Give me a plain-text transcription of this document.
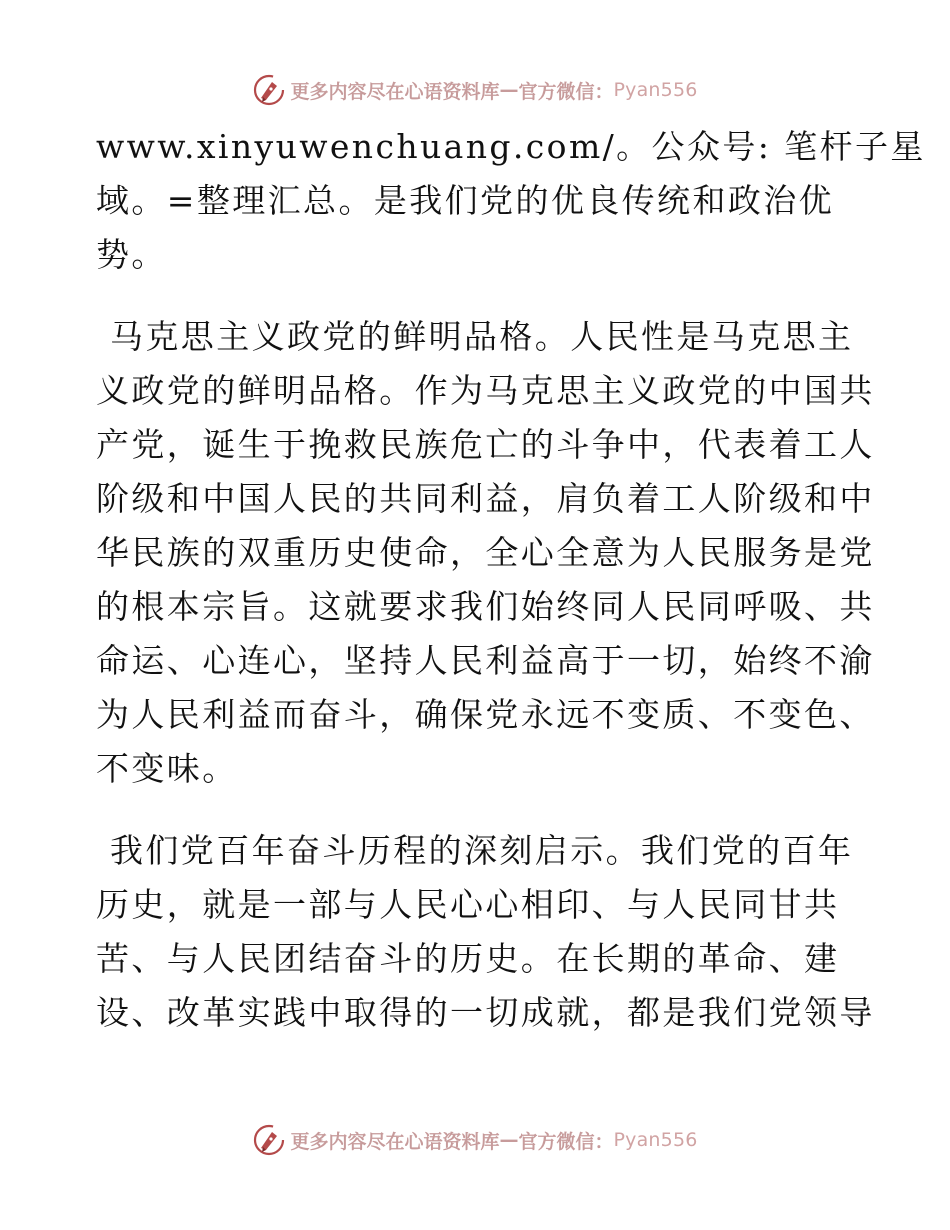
更多内容尽在心语资料库 — 官方微信： Pyan556
www.xinyuwenchuang.com/。公众号: 笔杆子星
域。=整理汇总。是我们党的优良传统和政治优
势。
马克思主义政党的鲜明品格。人民性是马克思主
义政党的鲜明品格。作为马克思主义政党的中国共
产党，诞生于挽救民族危亡的斗争中，代表着工人
阶级和中国人民的共同利益，肩负着工人阶级和中
华民族的双重历史使命，全心全意为人民服务是党
的根本宗旨。这就要求我们始终同人民同呼吸、共
命运、心连心，坚持人民利益高于一切，始终不渝
为人民利益而奋斗，确保党永远不变质、不变色、
不变味。
我们党百年奋斗历程的深刻启示。我们党的百年
历史，就是一部与人民心心相印、与人民同甘共
苦、与人民团结奋斗的历史。在长期的革命、建
设、改革实践中取得的一切成就，都是我们党领导
更多内容尽在心语资料库 — 官方微信： Pyan556
